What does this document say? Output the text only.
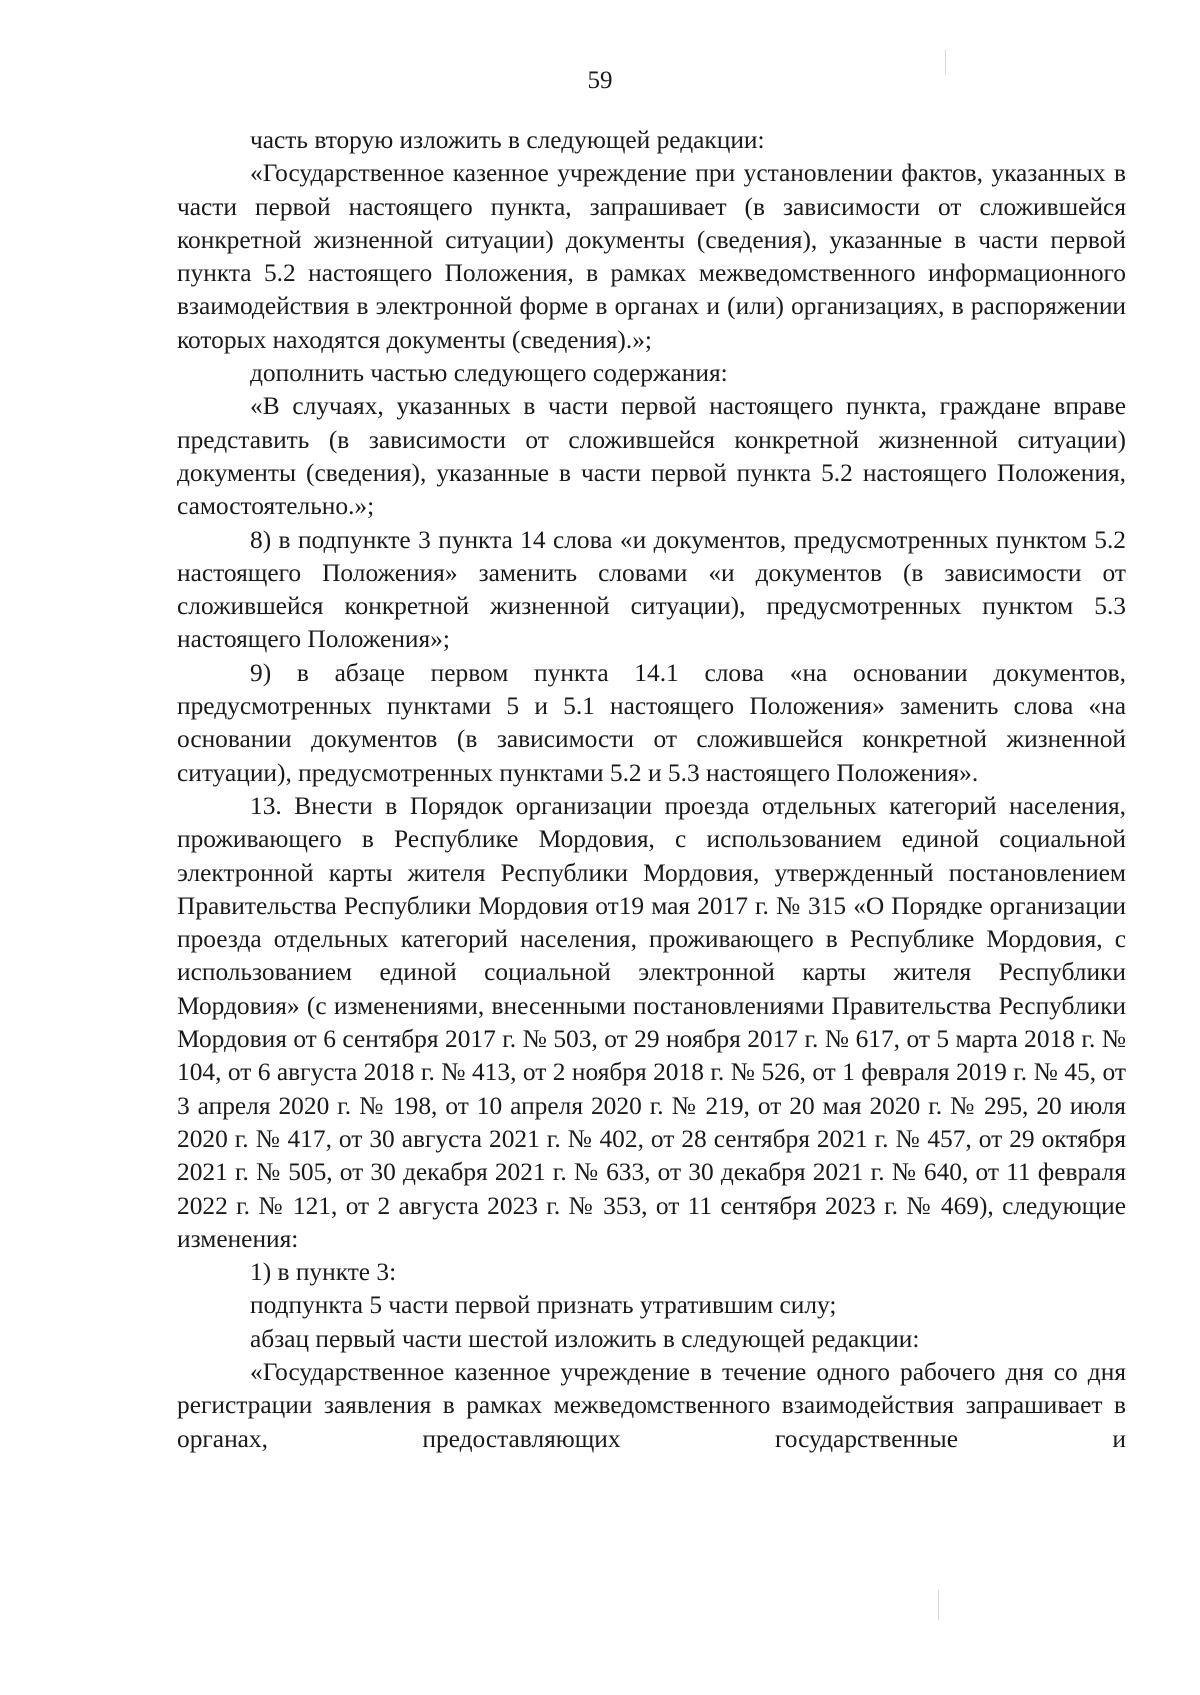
59

часть вторую изложить в следующей редакции:

«Государственное казенное учреждение при установлении фактов, указанных в части первой настоящего пункта, запрашивает (в зависимости от сложившейся конкретной жизненной ситуации) документы (сведения), указанные в части первой пункта 5.2 настоящего Положения, в рамках межведомственного информационного взаимодействия в электронной форме в органах и (или) организациях, в распоряжении которых находятся документы (сведения).»;

дополнить частью следующего содержания:

«В случаях, указанных в части первой настоящего пункта, граждане вправе представить (в зависимости от сложившейся конкретной жизненной ситуации) документы (сведения), указанные в части первой пункта 5.2 настоящего Положения, самостоятельно.»;

8) в подпункте 3 пункта 14 слова «и документов, предусмотренных пунктом 5.2 настоящего Положения» заменить словами «и документов (в зависимости от сложившейся конкретной жизненной ситуации), предусмотренных пунктом 5.3 настоящего Положения»;

9) в абзаце первом пункта 14.1 слова «на основании документов, предусмотренных пунктами 5 и 5.1 настоящего Положения» заменить слова «на основании документов (в зависимости от сложившейся конкретной жизненной ситуации), предусмотренных пунктами 5.2 и 5.3 настоящего Положения».

13. Внести в Порядок организации проезда отдельных категорий населения, проживающего в Республике Мордовия, с использованием единой социальной электронной карты жителя Республики Мордовия, утвержденный постановлением Правительства Республики Мордовия от19 мая 2017 г. № 315 «О Порядке организации проезда отдельных категорий населения, проживающего в Республике Мордовия, с использованием единой социальной электронной карты жителя Республики Мордовия» (с изменениями, внесенными постановлениями Правительства Республики Мордовия от 6 сентября 2017 г. № 503, от 29 ноября 2017 г. № 617, от 5 марта 2018 г. № 104, от 6 августа 2018 г. № 413, от 2 ноября 2018 г. № 526, от 1 февраля 2019 г. № 45, от 3 апреля 2020 г. № 198, от 10 апреля 2020 г. № 219, от 20 мая 2020 г. № 295, 20 июля 2020 г. № 417, от 30 августа 2021 г. № 402, от 28 сентября 2021 г. № 457, от 29 октября 2021 г. № 505, от 30 декабря 2021 г. № 633, от 30 декабря 2021 г. № 640, от 11 февраля 2022 г. № 121, от 2 августа 2023 г. № 353, от 11 сентября 2023 г. № 469), следующие изменения:

1) в пункте 3:

подпункта 5 части первой признать утратившим силу;

абзац первый части шестой изложить в следующей редакции:

«Государственное казенное учреждение в течение одного рабочего дня со дня регистрации заявления в рамках межведомственного взаимодействия запрашивает в органах, предоставляющих государственные и
